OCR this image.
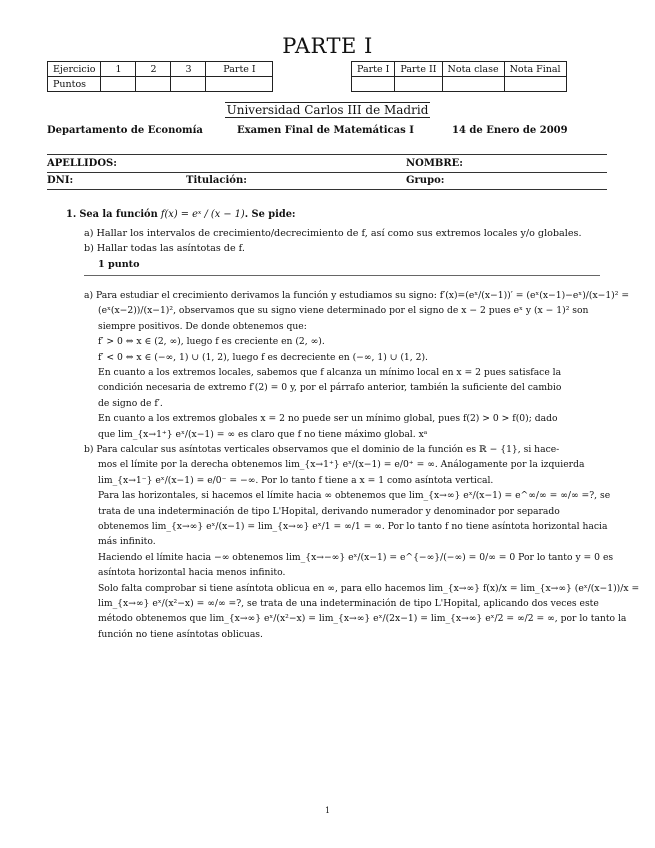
PARTE I
Ejercicio	1	2	3	Parte I
Puntos				
Parte I	Parte II	Nota clase	Nota Final

Universidad Carlos III de Madrid
Departamento de Economía	Examen Final de Matemáticas I	14 de Enero de 2009
APELLIDOS:	NOMBRE:
DNI:	Titulación:	Grupo:
1. Sea la función f(x) = eˣ / (x − 1). Se pide:
a) Hallar los intervalos de crecimiento/decrecimiento de f, así como sus extremos locales y/o globales.
b) Hallar todas las asíntotas de f.
1 punto
a) Para estudiar el crecimiento derivamos la función y estudiamos su signo: f′(x)=(eˣ/(x−1))′ = (eˣ(x−1)−eˣ)/(x−1)² =
(eˣ(x−2))/(x−1)², observamos que su signo viene determinado por el signo de x − 2 pues eˣ y (x − 1)² son
siempre positivos. De donde obtenemos que:
f′ > 0 ⇔ x ∈ (2, ∞), luego f es creciente en (2, ∞).
f′ < 0 ⇔ x ∈ (−∞, 1) ∪ (1, 2), luego f es decreciente en (−∞, 1) ∪ (1, 2).
En cuanto a los extremos locales, sabemos que f alcanza un mínimo local en x = 2 pues satisface la
condición necesaria de extremo f′(2) = 0 y, por el párrafo anterior, también la suficiente del cambio
de signo de f′.
En cuanto a los extremos globales x = 2 no puede ser un mínimo global, pues f(2) > 0 > f(0); dado
que lim_{x→1⁺} eˣ/(x−1) = ∞ es claro que f no tiene máximo global. xᵃ
b) Para calcular sus asíntotas verticales observamos que el dominio de la función es ℝ − {1}, si hace-
mos el límite por la derecha obtenemos lim_{x→1⁺} eˣ/(x−1) = e/0⁺ = ∞. Análogamente por la izquierda
lim_{x→1⁻} eˣ/(x−1) = e/0⁻ = −∞. Por lo tanto f tiene a x = 1 como asíntota vertical.
Para las horizontales, si hacemos el límite hacia ∞ obtenemos que lim_{x→∞} eˣ/(x−1) = e^∞/∞ = ∞/∞ =?, se
trata de una indeterminación de tipo L'Hopital, derivando numerador y denominador por separado
obtenemos lim_{x→∞} eˣ/(x−1) = lim_{x→∞} eˣ/1 = ∞/1 = ∞. Por lo tanto f no tiene asíntota horizontal hacia
más infinito.
Haciendo el límite hacia −∞ obtenemos lim_{x→−∞} eˣ/(x−1) = e^{−∞}/(−∞) = 0/∞ = 0 Por lo tanto y = 0 es
asíntota horizontal hacia menos infinito.
Solo falta comprobar si tiene asíntota oblicua en ∞, para ello hacemos lim_{x→∞} f(x)/x = lim_{x→∞} (eˣ/(x−1))/x =
lim_{x→∞} eˣ/(x²−x) = ∞/∞ =?, se trata de una indeterminación de tipo L'Hopital, aplicando dos veces este
método obtenemos que lim_{x→∞} eˣ/(x²−x) = lim_{x→∞} eˣ/(2x−1) = lim_{x→∞} eˣ/2 = ∞/2 = ∞, por lo tanto la
función no tiene asíntotas oblicuas.
1
